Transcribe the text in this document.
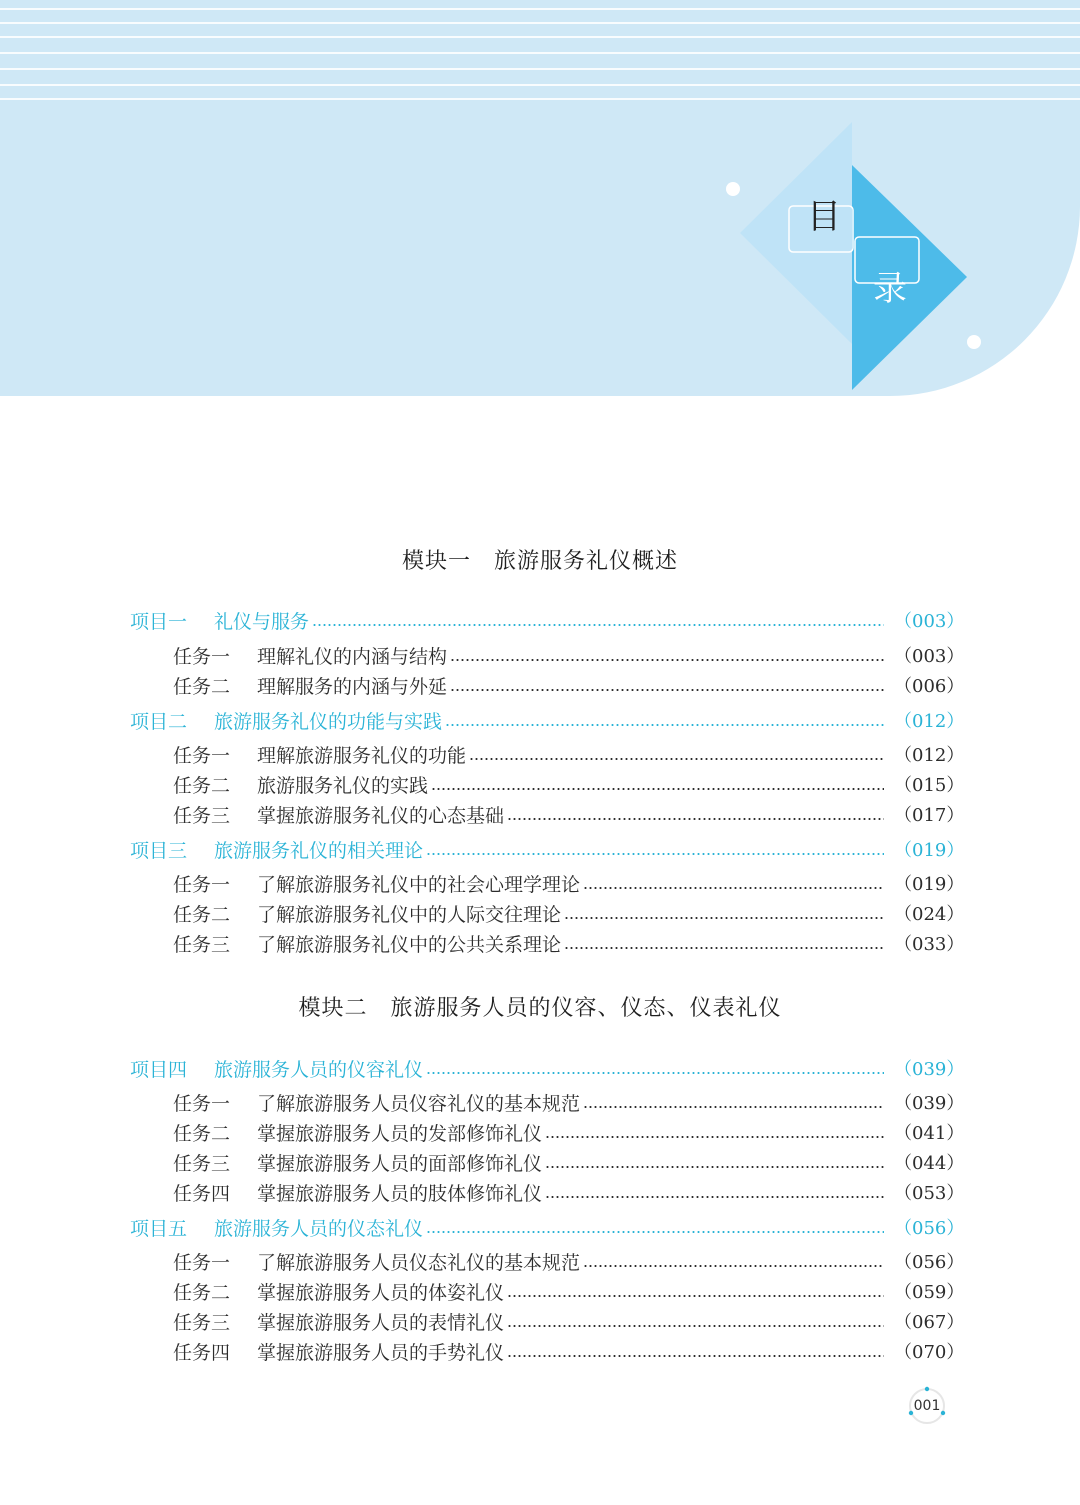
目
录
模块一　旅游服务礼仪概述
项目一	礼仪与服务	（003）
任务一	理解礼仪的内涵与结构	（003）
任务二	理解服务的内涵与外延	（006）
项目二	旅游服务礼仪的功能与实践	（012）
任务一	理解旅游服务礼仪的功能	（012）
任务二	旅游服务礼仪的实践	（015）
任务三	掌握旅游服务礼仪的心态基础	（017）
项目三	旅游服务礼仪的相关理论	（019）
任务一	了解旅游服务礼仪中的社会心理学理论	（019）
任务二	了解旅游服务礼仪中的人际交往理论	（024）
任务三	了解旅游服务礼仪中的公共关系理论	（033）
模块二　旅游服务人员的仪容、仪态、仪表礼仪
项目四	旅游服务人员的仪容礼仪	（039）
任务一	了解旅游服务人员仪容礼仪的基本规范	（039）
任务二	掌握旅游服务人员的发部修饰礼仪	（041）
任务三	掌握旅游服务人员的面部修饰礼仪	（044）
任务四	掌握旅游服务人员的肢体修饰礼仪	（053）
项目五	旅游服务人员的仪态礼仪	（056）
任务一	了解旅游服务人员仪态礼仪的基本规范	（056）
任务二	掌握旅游服务人员的体姿礼仪	（059）
任务三	掌握旅游服务人员的表情礼仪	（067）
任务四	掌握旅游服务人员的手势礼仪	（070）
001
